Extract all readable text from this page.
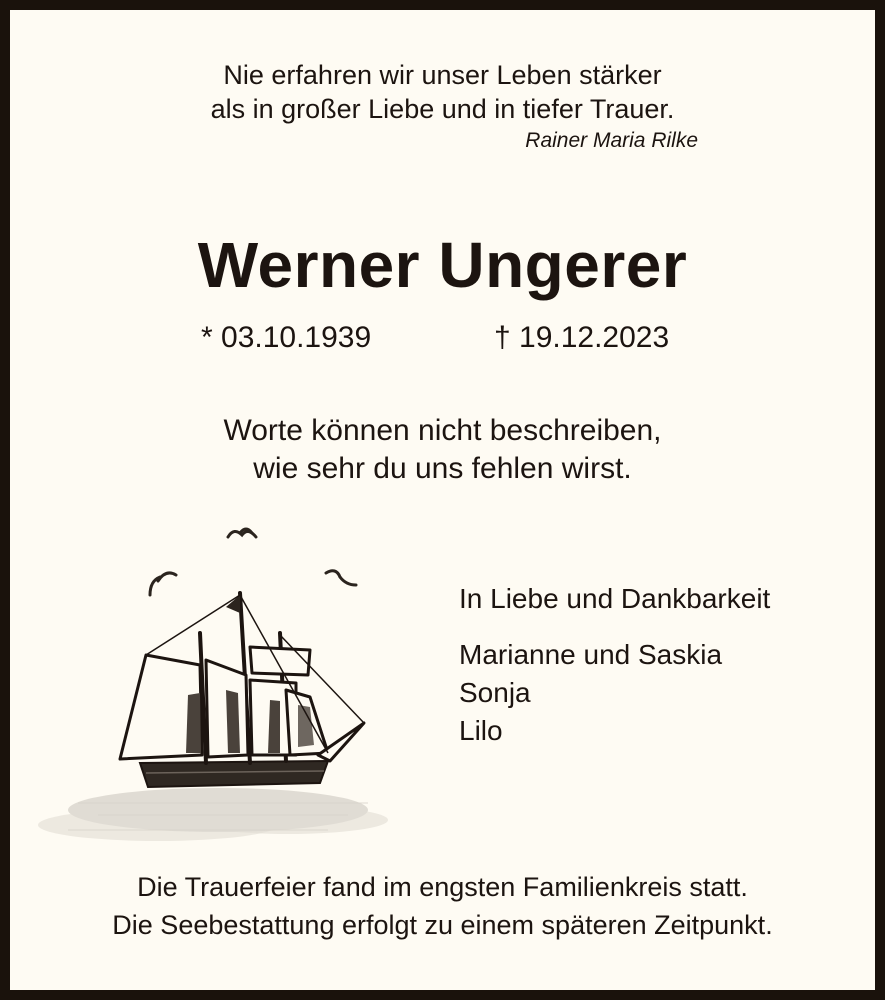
Nie erfahren wir unser Leben stärker
als in großer Liebe und in tiefer Trauer.
Rainer Maria Rilke
Werner Ungerer
* 03.10.1939	† 19.12.2023
Worte können nicht beschreiben,
wie sehr du uns fehlen wirst.
In Liebe und Dankbarkeit
Marianne und Saskia
Sonja
Lilo
Die Trauerfeier fand im engsten Familienkreis statt.
Die Seebestattung erfolgt zu einem späteren Zeitpunkt.
